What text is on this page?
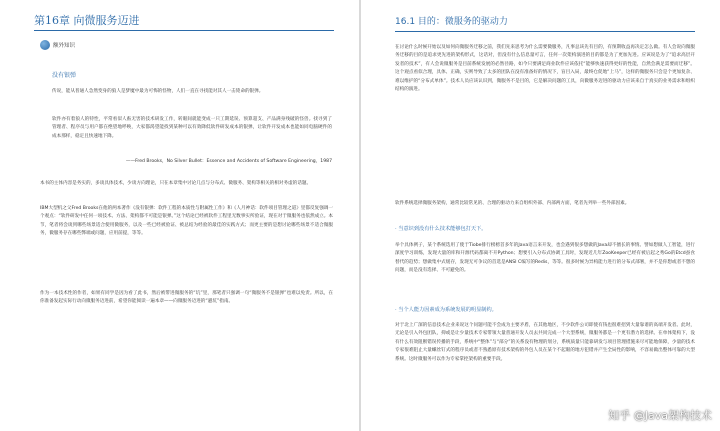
第16章 向微服务迈进
额外知识
没有银弹
传说，能从普通人急然变身的狼人是梦魇中最为可怖的怪物，人们一直在寻找能对其人一击毙命的银弹。
软件亦有着狼人的特性，平常看似人畜无害的技术研发工作，转眼间就能变成一只工期延误、预算超支、产品满身残破的怪兽。找寻到了管理者、程序员与用户都在绝望地呼唤，大家都渴望能找到某种可以有效降低软件研发成本的银弹，让软件开发成本也能如同电脑硬件的成本那样，稳定且快速地下降。
——Fred Brooks，No Silver Bullet：Essence and Accidents of Software Engineering，1987
本书的主体内容是务实的，多谈具体技术，少谈方向理论，只在本章集中讨论几点与分布式、微服务、架构等相关的相对务虚的话题。
IBM大型机之父Fred Brooks在他的两本著作《没有银弹：软件工程的本质性与附属性工作》和《人月神话：软件项目管理之道》里都反复强调一个观点：“软件研发中任何一项技术、方法、架构都不可能是银弹。”这个结论已经被软件工程里无数事实所验证，现在对于微服务也依然成立。本节，笔者将会谈到哪些场景适合使用微服务，以及一些已经被验证、被总结为经验的最佳的实践方式；而更主要的是想讨论哪些场景不适合微服务，微服务存在哪些弊端或问题，应用前提，等等。
作为一本技术性的作者，如果有同学是因为看了此书，然后被带进微服务的“坑”里，那笔者只强调一句“微服务不是银弹”也难以免责。所以，在你准备发起实际行动向微服务迈进前，希望你能阅读一遍本章——向微服务迈进的“避坑”指南。
16.1 目的：微服务的驱动力
在讨论什么时候开始以及如何向微服务迁移之前，我们先来思考为什么需要微服务，凡事总该先有目的，有预期收益再决定怎么做。有人会说向微服务迁移的目的是追求更先进的架构形式，这话对，但没有什么信息量可言，任何一次架构演进的目的都是为了更加先进。应该说是为了“追求高层开发者的技术”，有人会说微服务是目前系统发展的必然径路，如今只要满足商业软件应该依托“能够快速获得更好的性能，自然会满足需要而迁移”。这个观点看似合理，具体、正确，实则导致了太多的团队在没有准备好的情况下，盲目入局，最终仓促地“上马”，这样的微服务只会是个更加复杂、难以维护的“分布式单体”。技术人员应该认识到，微服务不是目的，它是解决问题的工具，向微服务迈进的驱动力应该来自于真实的业务需求和组织结构的演进。
软件系统选择微服务架构，通常比较常见的、合理的驱动力来自组织外部、内部两方面，笔者先列举一些外部因素。
· 当意识到没有什么技术能够包打天下。
举个具体例子，某个系统选用了使于Tiobe排行榜榜首多年的Java语言来开发，也会遇到很多想做的Java却不擅长的事情。譬如想做人工智能，进行深度学习训练，发现大量的库和开源代码都离不开Python；想要引入分布式协调工具时，发现近几年ZooKeeper已经有被后起之秀Go的Etcd蚕食替代的趋势；想做集中式缓存，发现无可争议的首选是ANSI C编写的Redis，等等。很多时候为异构能力进行的分布式部署，并不是你想或者不想的问题，而是没有选择、不可避免的。
· 当个人能力因素成为系统发展的明显制约。
对于北上广深的信息技术企业来说这个问题可能不会成为主要矛盾，在其他地区，不少软件公司即使有钱也很难招到大量靠谱的高端开发者。此时，无论是引入外包团队，抑或是让少量技术专家带领大量普通开发人员去共同完成一个大型系统，微服务都是一个更有潜力的选择。在单体架构下，没有什么有效阻断错误传播的手段，系统中“整体”与“部分”的关系没有物理的划分，系统质量只能靠研发与项目管理措施来尽可能地保障，少量的技术专家很难阻止大量螺丝钉式的程序员或者不熟悉原有技术架构的外包人员在某个不起眼的地方犯错并产生全局性的影响，不容易做出整体可靠的大型系统。这时微服务可以作为专家掌控架构的重要手段。
知乎 @Java架构技术
